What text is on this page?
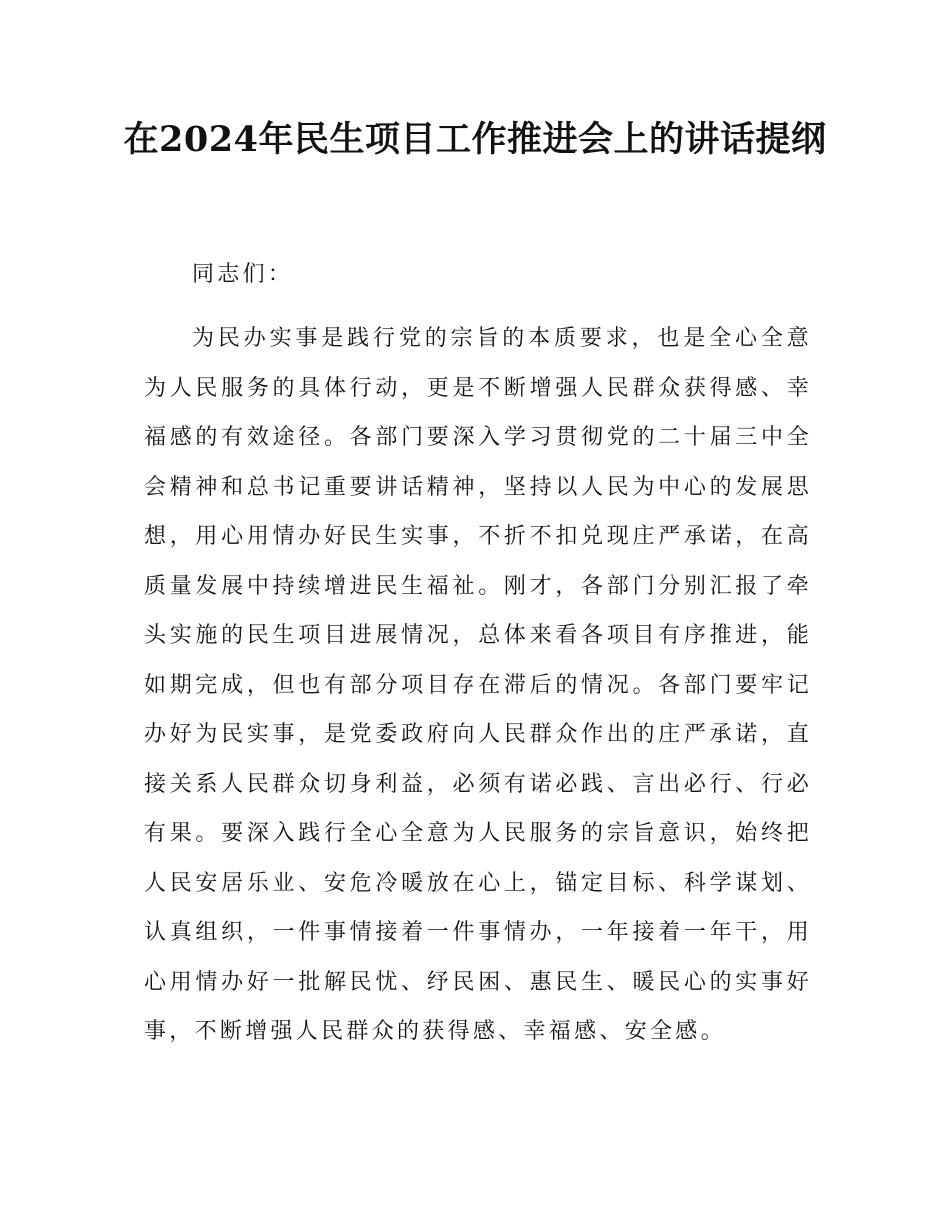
在2024年民生项目工作推进会上的讲话提纲

同志们：

为民办实事是践行党的宗旨的本质要求，也是全心全意为人民服务的具体行动，更是不断增强人民群众获得感、幸福感的有效途径。各部门要深入学习贯彻党的二十届三中全会精神和总书记重要讲话精神，坚持以人民为中心的发展思想，用心用情办好民生实事，不折不扣兑现庄严承诺，在高质量发展中持续增进民生福祉。刚才，各部门分别汇报了牵头实施的民生项目进展情况，总体来看各项目有序推进，能如期完成，但也有部分项目存在滞后的情况。各部门要牢记办好为民实事，是党委政府向人民群众作出的庄严承诺，直接关系人民群众切身利益，必须有诺必践、言出必行、行必有果。要深入践行全心全意为人民服务的宗旨意识，始终把人民安居乐业、安危冷暖放在心上，锚定目标、科学谋划、认真组织，一件事情接着一件事情办，一年接着一年干，用心用情办好一批解民忧、纾民困、惠民生、暖民心的实事好事，不断增强人民群众的获得感、幸福感、安全感。
